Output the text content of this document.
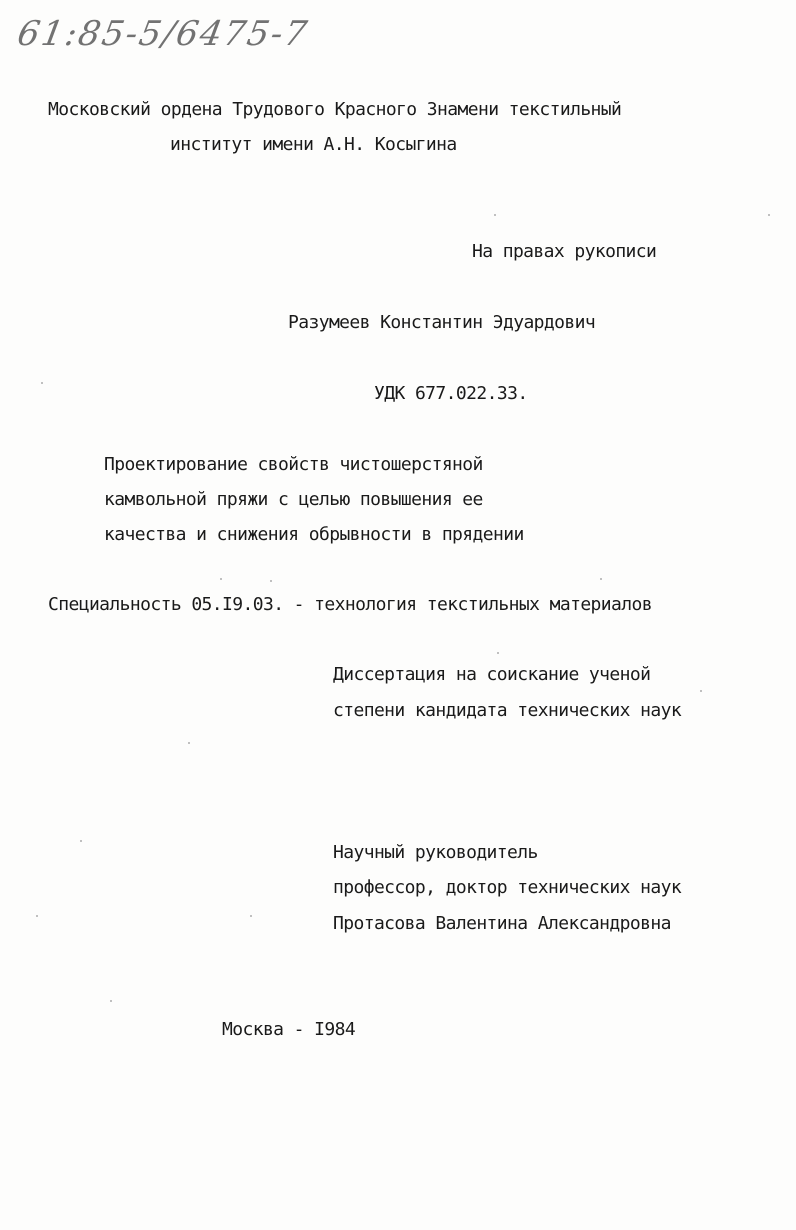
61:85-5/6475-7
Московский ордена Трудового Красного Знамени текстильный
институт имени А.Н. Косыгина
На правах рукописи
Разумеев Константин Эдуардович
УДК 677.022.33.
Проектирование свойств чистошерстяной
камвольной пряжи с целью повышения ее
качества и снижения обрывности в прядении
Специальность 05.I9.03. - технология текстильных материалов
Диссертация на соискание ученой
степени кандидата технических наук
Научный руководитель
профессор, доктор технических наук
Протасова Валентина Александровна
Москва - I984
